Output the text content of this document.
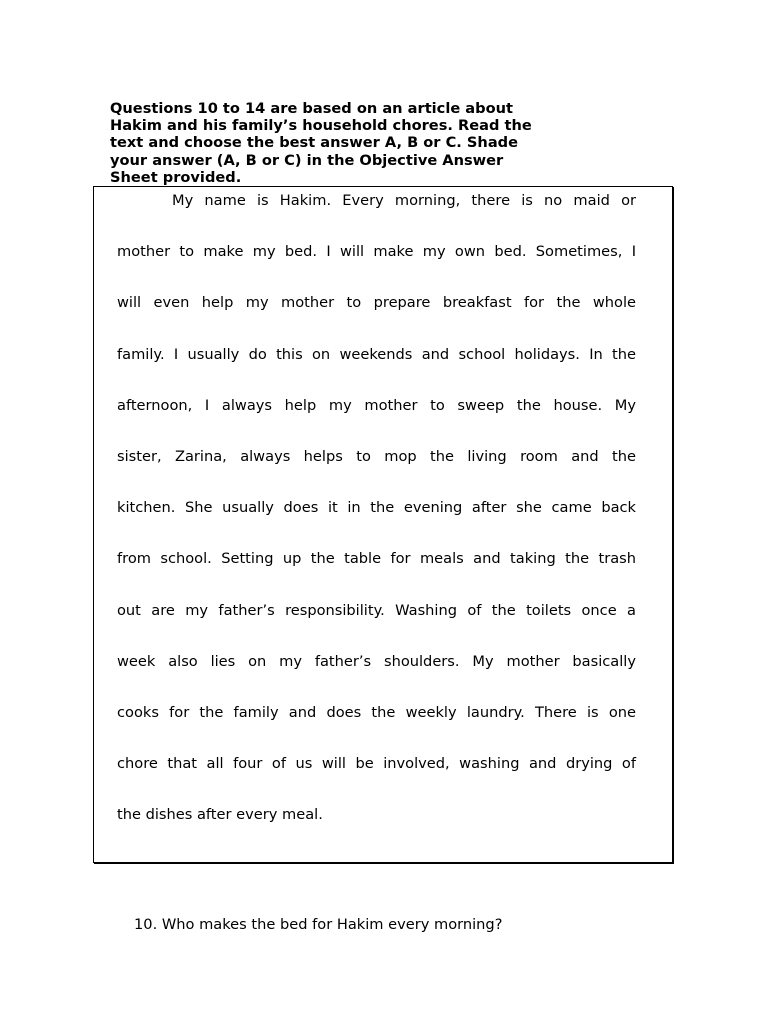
Questions 10 to 14 are based on an article about
Hakim and his family’s household chores. Read the
text and choose the best answer A, B or C. Shade
your answer (A, B or C) in the Objective Answer
Sheet provided.
My name is Hakim. Every morning, there is no maid or
mother to make my bed. I will make my own bed. Sometimes, I
will even help my mother to prepare breakfast for the whole
family. I usually do this on weekends and school holidays. In the
afternoon, I always help my mother to sweep the house. My
sister, Zarina, always helps to mop the living room and the
kitchen. She usually does it in the evening after she came back
from school. Setting up the table for meals and taking the trash
out are my father’s responsibility. Washing of the toilets once a
week also lies on my father’s shoulders. My mother basically
cooks for the family and does the weekly laundry. There is one
chore that all four of us will be involved, washing and drying of
the dishes after every meal.
10. Who makes the bed for Hakim every morning?
